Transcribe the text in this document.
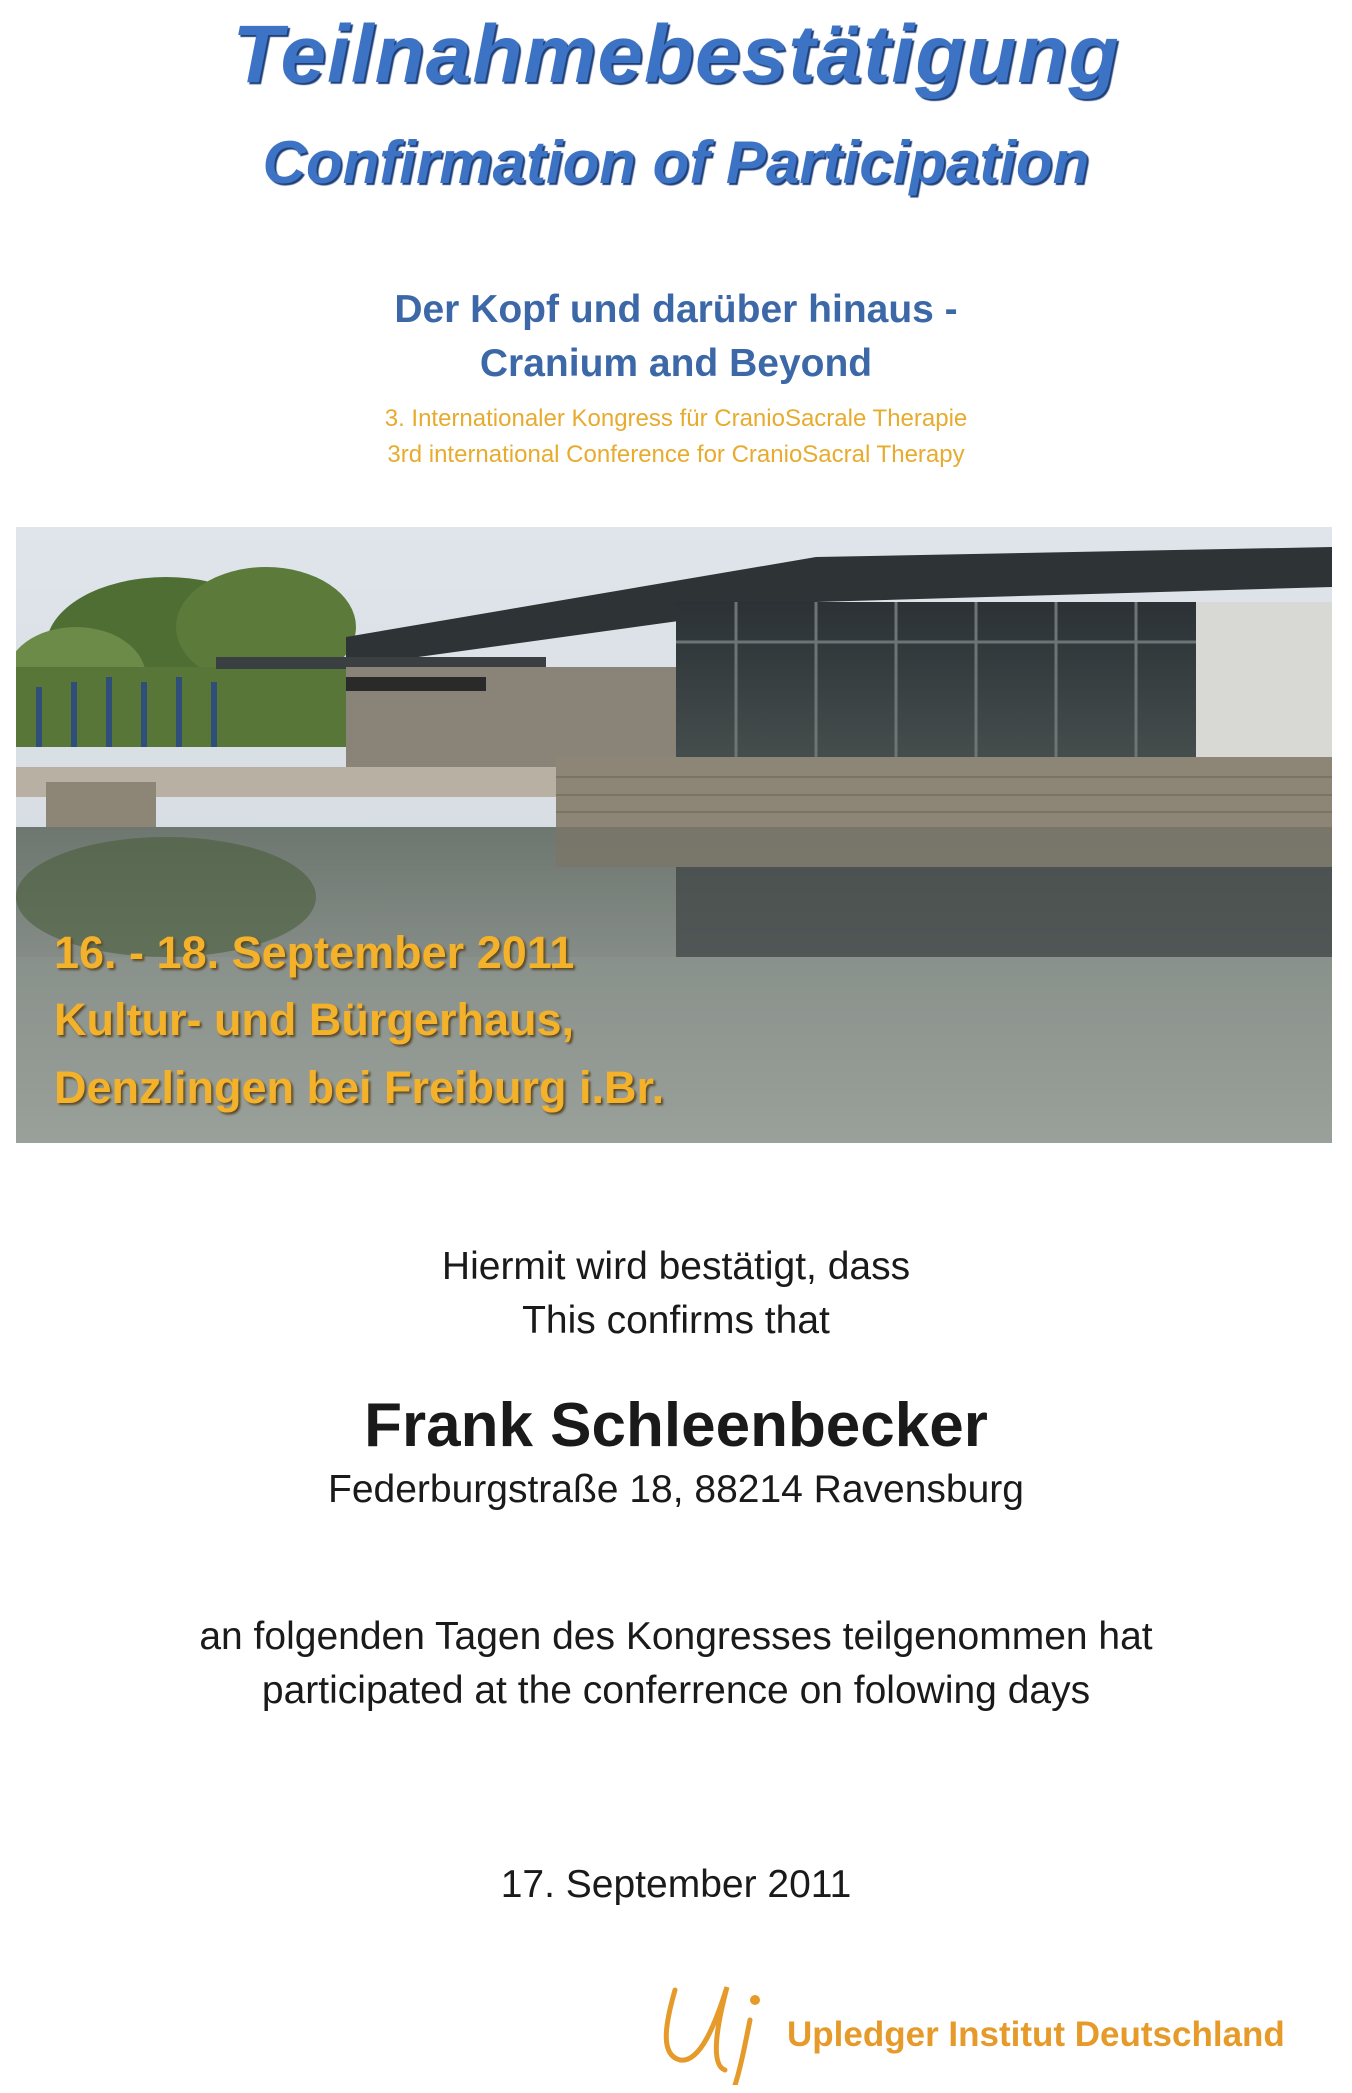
Teilnahmebestätigung
Confirmation of Participation
Der Kopf und darüber hinaus -
Cranium and Beyond
3. Internationaler Kongress für CranioSacrale Therapie
3rd international Conference for CranioSacral Therapy
16. - 18. September 2011
Kultur- und Bürgerhaus,
Denzlingen bei Freiburg i.Br.
Hiermit wird bestätigt, dass
This confirms that
Frank Schleenbecker
Federburgstraße 18, 88214 Ravensburg
an folgenden Tagen des Kongresses teilgenommen hat
participated at the conferrence on folowing days
17. September 2011
Upledger Institut Deutschland
